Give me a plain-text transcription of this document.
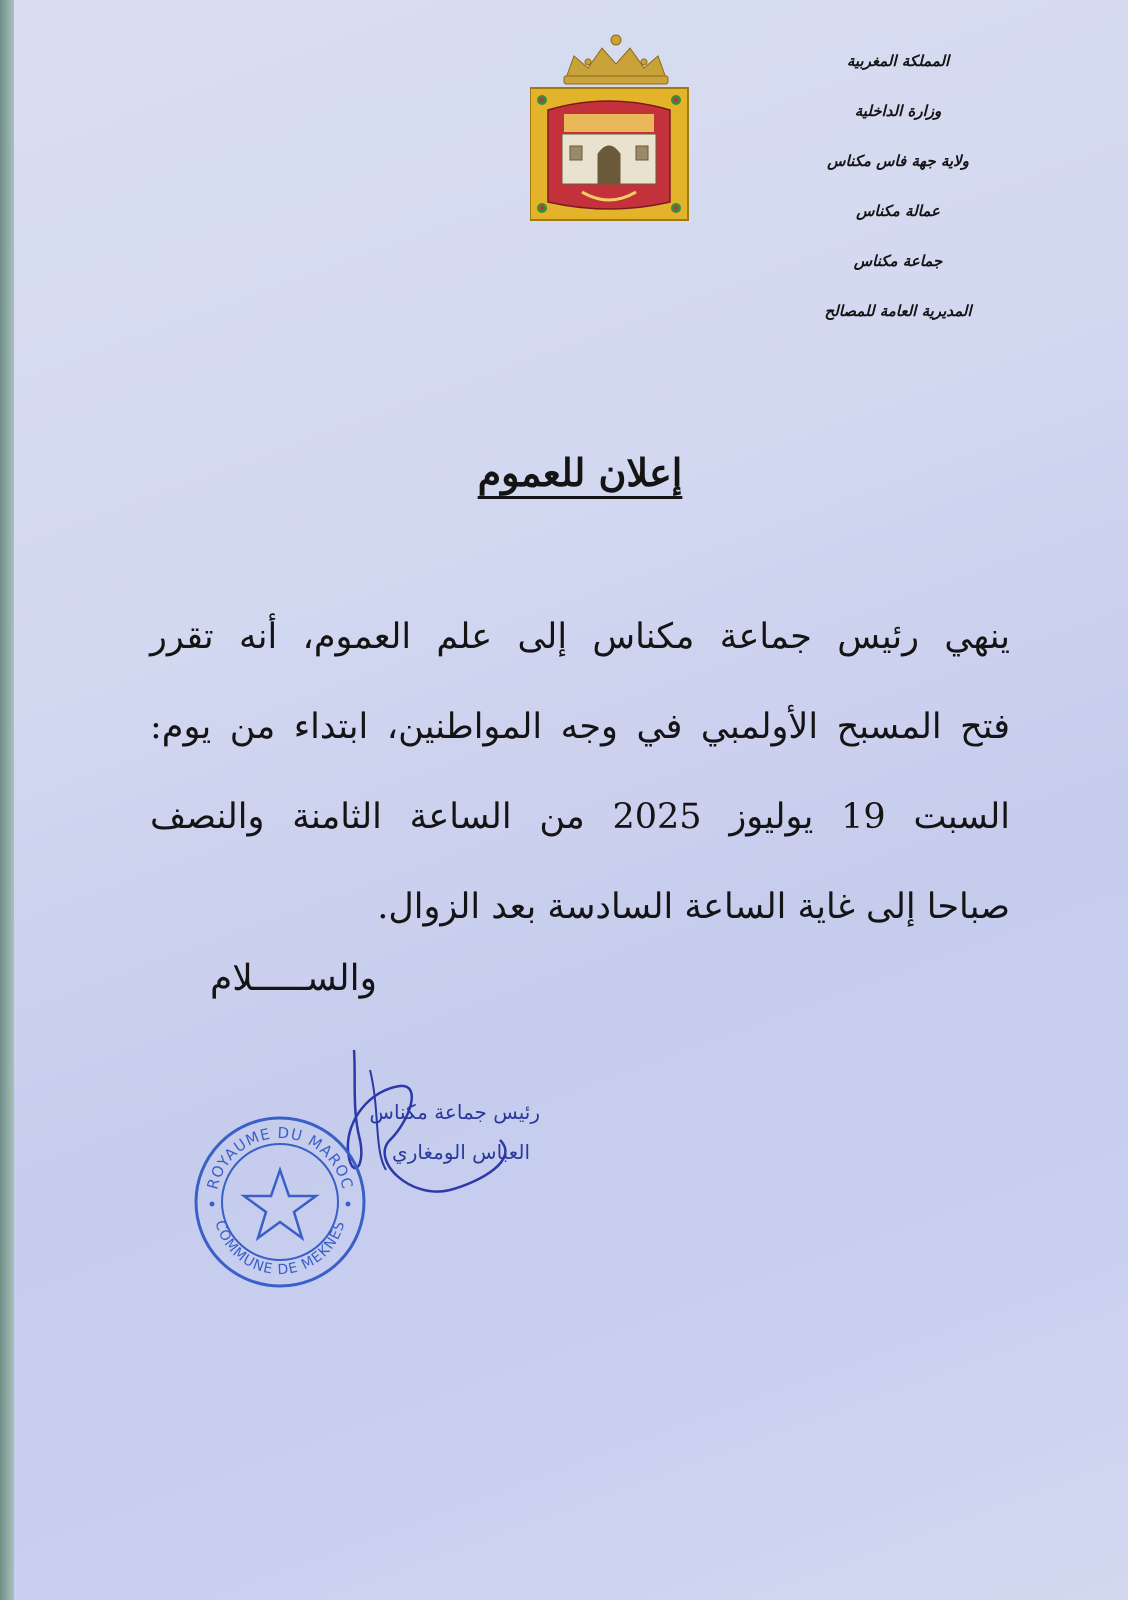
المملكة المغربية
وزارة الداخلية
ولاية جهة فاس مكناس
عمالة مكناس
جماعة مكناس
المديرية العامة للمصالح
إعلان للعموم
ينهي رئيس جماعة مكناس إلى علم العموم، أنه تقرر
فتح المسبح الأولمبي في وجه المواطنين، ابتداء من يوم:
السبت 19 يوليوز 2025 من الساعة الثامنة والنصف
صباحا إلى غاية الساعة السادسة بعد الزوال.
والســـــلام
رئيس جماعة مكناس
العباس الومغاري
ROYAUME DU MAROC
COMMUNE DE MEKNES
